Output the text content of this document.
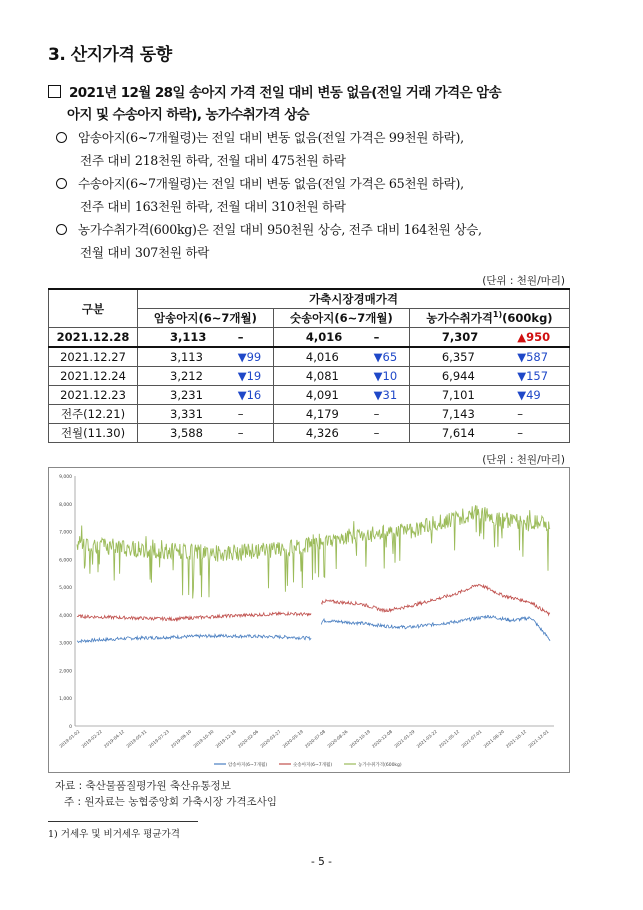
3. 산지가격 동향
2021년 12월 28일 송아지 가격 전일 대비 변동 없음(전일 거래 가격은 암송
아지 및 수송아지 하락), 농가수취가격 상승
암송아지(6~7개월령)는 전일 대비 변동 없음(전일 가격은 99천원 하락),
전주 대비 218천원 하락, 전월 대비 475천원 하락
수송아지(6~7개월령)는 전일 대비 변동 없음(전일 가격은 65천원 하락),
전주 대비 163천원 하락, 전월 대비 310천원 하락
농가수취가격(600kg)은 전일 대비 950천원 상승, 전주 대비 164천원 상승,
전월 대비 307천원 하락
(단위 : 천원/마리)
구분	가축시장경매가격					
	암송아지(6~7개월)		숫송아지(6~7개월)		농가수취가격$^{1)}$(600kg)	
2021.12.28	3,113	–	4,016	–	7,307	▲950
2021.12.27	3,113	▼99	4,016	▼65	6,357	▼587
2021.12.24	3,212	▼19	4,081	▼10	6,944	▼157
2021.12.23	3,231	▼16	4,091	▼31	7,101	▼49
전주(12.21)	3,331	–	4,179	–	7,143	–
전월(11.30)	3,588	–	4,326	–	7,614	–
(단위 : 천원/마리)
0
1,000
2,000
3,000
4,000
5,000
6,000
7,000
8,000
9,000
2019-01-02 2019-02-22 2019-04-12 2019-05-31 2019-07-23 2019-09-10 2019-10-30 2019-12-18 2020-02-06 2020-03-27 2020-05-19 2020-07-08 2020-08-26 2020-10-19 2020-12-08 2021-01-29 2021-03-22 2021-05-12 2021-07-01 2021-08-20 2021-10-12 2021-12-01
암송아지(6~7개월)	숫송아지(6~7개월)	농가수취가격(600kg)
자료 : 축산물품질평가원 축산유통정보
주 : 원자료는 농협중앙회 가축시장 가격조사임
1) 거세우 및 비거세우 평균가격
- 5 -
